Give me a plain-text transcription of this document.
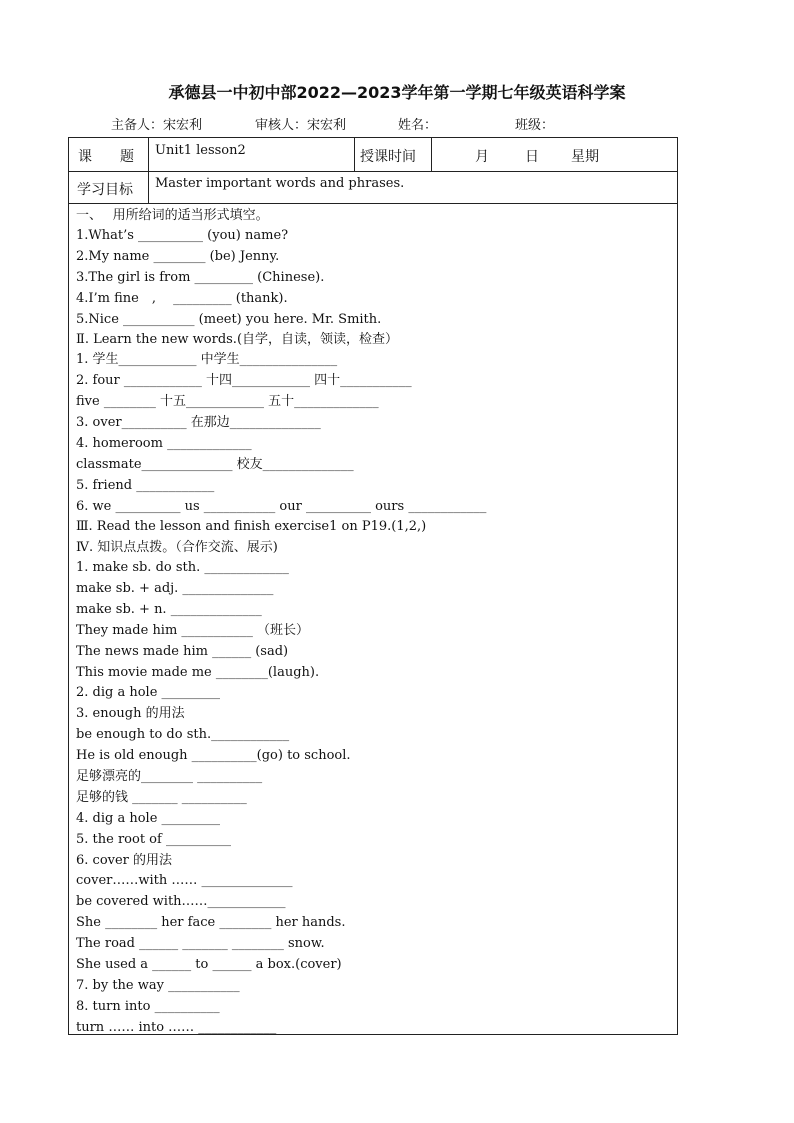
承德县一中初中部2022—2023学年第一学期七年级英语科学案
主备人：宋宏利	审核人：宋宏利	姓名：	班级：
课　　题 Unit1 lesson2	授课时间	月	日 星期
学习目标 Master important words and phrases.
一、　 用所给词的适当形式填空。
1.What’s __________ (you) name?
2.My name ________ (be) Jenny.
3.The girl is from _________ (Chinese).
4.I’m fine　,　 _________ (thank).
5.Nice ___________ (meet) you here. Mr. Smith.
Ⅱ. Learn the new words.(自学，自读，领读，检查）
1. 学生____________ 中学生_______________
2. four ____________ 十四____________ 四十___________
five ________ 十五____________ 五十_____________
3. over__________ 在那边______________
4. homeroom _____________
classmate______________ 校友______________
5. friend ____________
6. we __________ us ___________ our __________ ours ____________
Ⅲ. Read the lesson and finish exercise1 on P19.(1,2,)
Ⅳ. 知识点点拨。（合作交流、展示)
1. make sb. do sth. _____________
make sb. + adj. ______________
make sb. + n. ______________
They made him ___________ （班长）
The news made him ______ (sad)
This movie made me ________(laugh).
2. dig a hole _________
3. enough 的用法
be enough to do sth.____________
He is old enough __________(go) to school.
足够漂亮的________ __________
足够的钱 _______ __________
4. dig a hole _________
5. the root of __________
6. cover 的用法
cover……with …… ______________
be covered with……____________
She ________ her face ________ her hands.
The road ______ _______ ________ snow.
She used a ______ to ______ a box.(cover)
7. by the way ___________
8. turn into __________
turn …… into …… ____________
